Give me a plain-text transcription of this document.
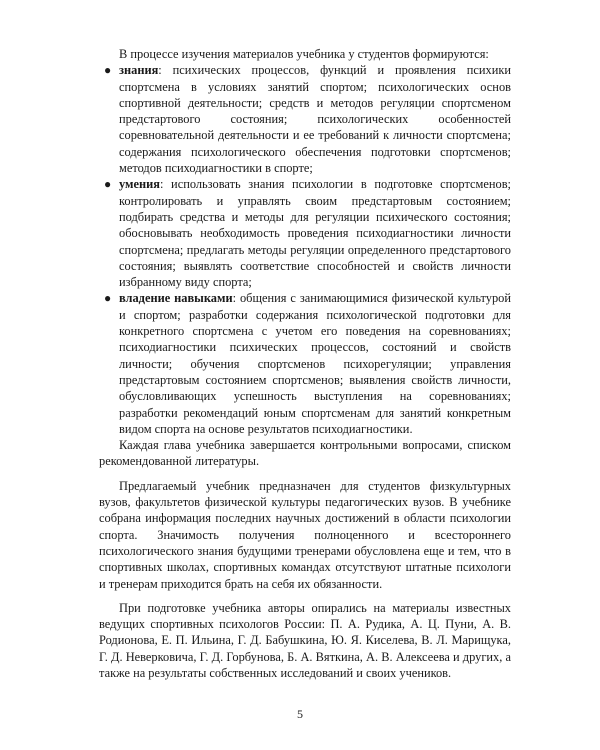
В процессе изучения материалов учебника у студентов формируются:

● знания: психических процессов, функций и проявления психики спортсмена в условиях занятий спортом; психологических основ спортивной деятельности; средств и методов регуляции спортсменом предстартового состояния; психологических особенностей соревновательной деятельности и ее требований к личности спортсмена; содержания психологического обеспечения подготовки спортсменов; методов психодиагностики в спорте;
● умения: использовать знания психологии в подготовке спортсменов; контролировать и управлять своим предстартовым состоянием; подбирать средства и методы для регуляции психического состояния; обосновывать необходимость проведения психодиагностики личности спортсмена; предлагать методы регуляции определенного предстартового состояния; выявлять соответствие способностей и свойств личности избранному виду спорта;
● владение навыками: общения с занимающимися физической культурой и спортом; разработки содержания психологической подготовки для конкретного спортсмена с учетом его поведения на соревнованиях; психодиагностики психических процессов, состояний и свойств личности; обучения спортсменов психорегуляции; управления предстартовым состоянием спортсменов; выявления свойств личности, обусловливающих успешность выступления на соревнованиях; разработки рекомендаций юным спортсменам для занятий конкретным видом спорта на основе результатов психодиагностики.

Каждая глава учебника завершается контрольными вопросами, списком рекомендованной литературы.

Предлагаемый учебник предназначен для студентов физкультурных вузов, факультетов физической культуры педагогических вузов. В учебнике собрана информация последних научных достижений в области психологии спорта. Значимость получения полноценного и всестороннего психологического знания будущими тренерами обусловлена еще и тем, что в спортивных школах, спортивных командах отсутствуют штатные психологи и тренерам приходится брать на себя их обязанности.

При подготовке учебника авторы опирались на материалы известных ведущих спортивных психологов России: П. А. Рудика, А. Ц. Пуни, А. В. Родионова, Е. П. Ильина, Г. Д. Бабушкина, Ю. Я. Киселева, В. Л. Марищука, Г. Д. Неверковича, Г. Д. Горбунова, Б. А. Вяткина, А. В. Алексеева и других, а также на результаты собственных исследований и своих учеников.

5
